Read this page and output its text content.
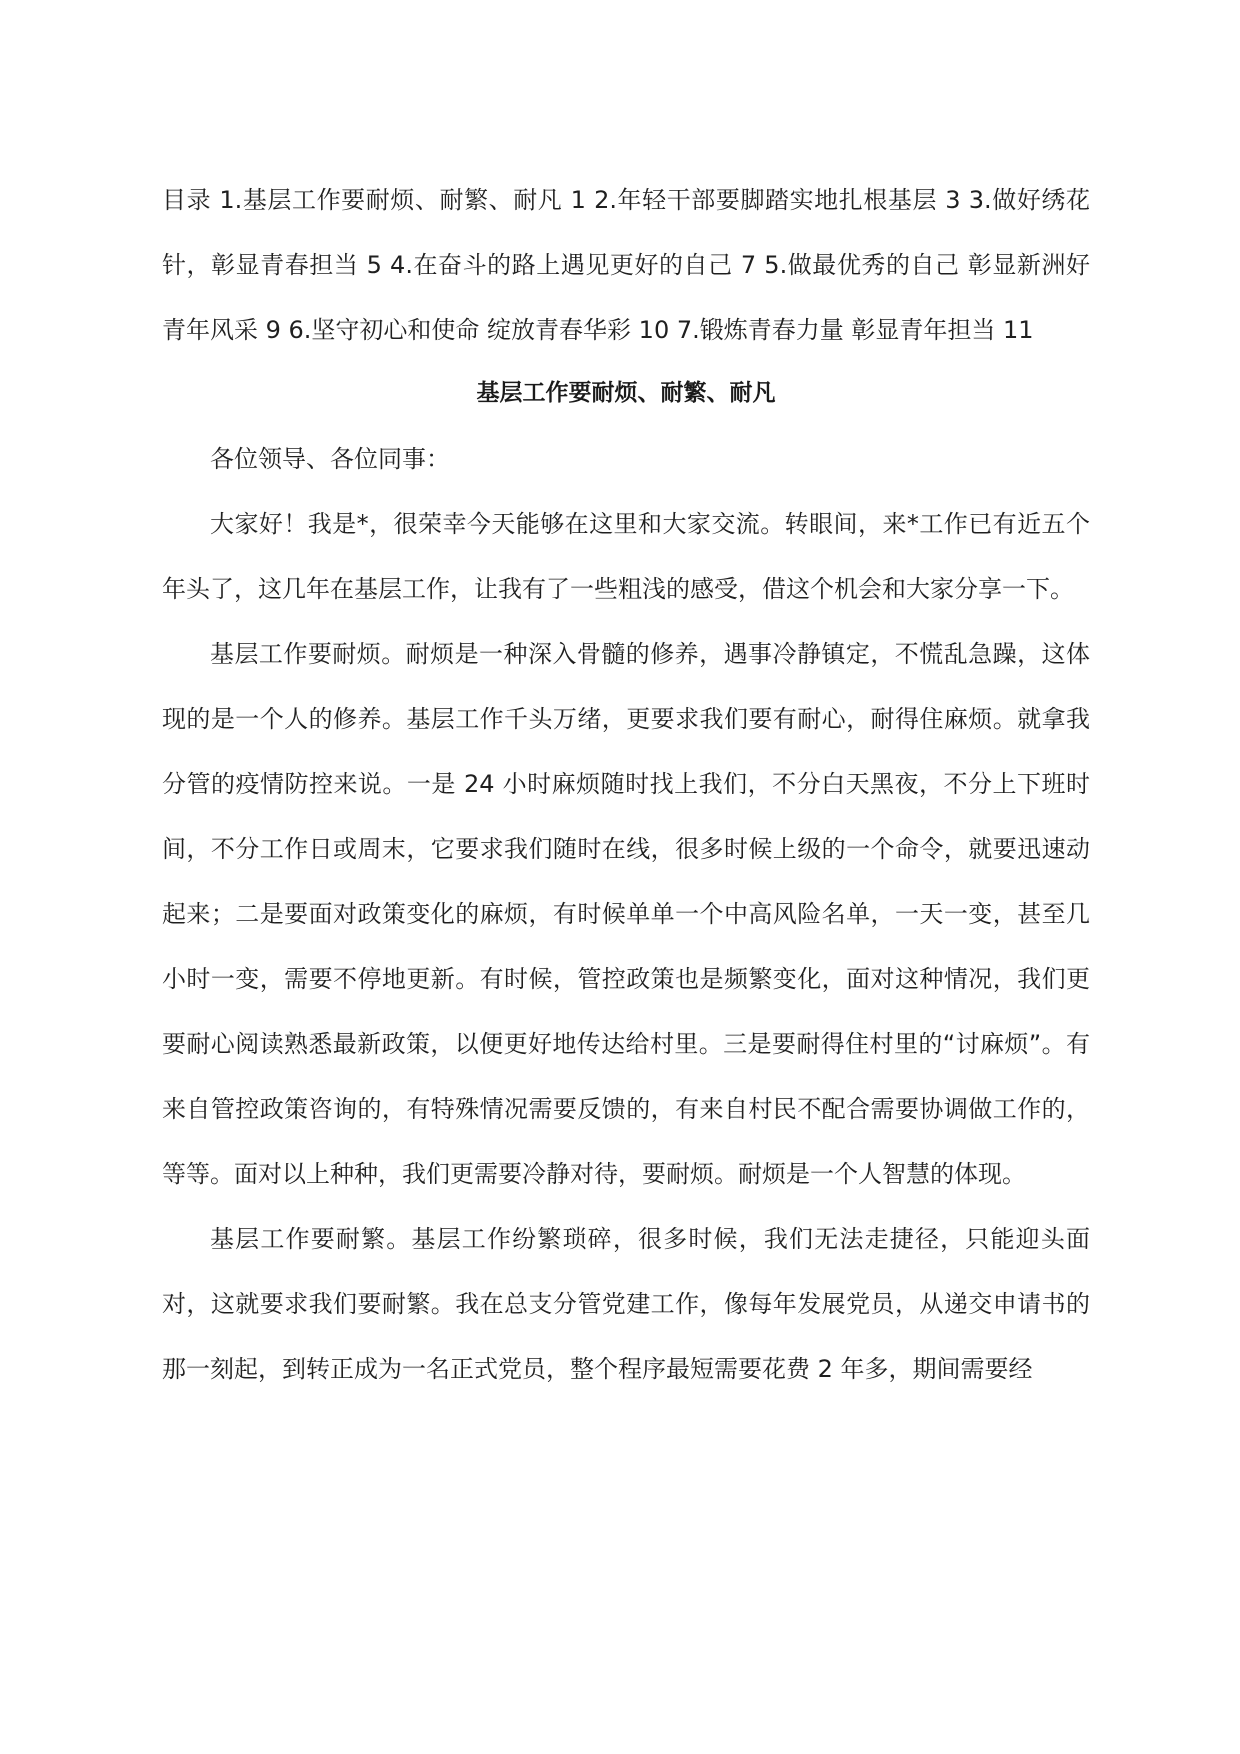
目录 1.基层工作要耐烦、耐繁、耐凡 1 2.年轻干部要脚踏实地扎根基层 3 3.做好绣花针，彰显青春担当 5 4.在奋斗的路上遇见更好的自己 7 5.做最优秀的自己 彰显新洲好青年风采 9 6.坚守初心和使命 绽放青春华彩 10 7.锻炼青春力量 彰显青年担当 11

基层工作要耐烦、耐繁、耐凡

各位领导、各位同事：

大家好！我是*，很荣幸今天能够在这里和大家交流。转眼间，来*工作已有近五个年头了，这几年在基层工作，让我有了一些粗浅的感受，借这个机会和大家分享一下。

基层工作要耐烦。耐烦是一种深入骨髓的修养，遇事冷静镇定，不慌乱急躁，这体现的是一个人的修养。基层工作千头万绪，更要求我们要有耐心，耐得住麻烦。就拿我分管的疫情防控来说。一是 24 小时麻烦随时找上我们，不分白天黑夜，不分上下班时间，不分工作日或周末，它要求我们随时在线，很多时候上级的一个命令，就要迅速动起来；二是要面对政策变化的麻烦，有时候单单一个中高风险名单，一天一变，甚至几小时一变，需要不停地更新。有时候，管控政策也是频繁变化，面对这种情况，我们更要耐心阅读熟悉最新政策，以便更好地传达给村里。三是要耐得住村里的“讨麻烦”。有来自管控政策咨询的，有特殊情况需要反馈的，有来自村民不配合需要协调做工作的，等等。面对以上种种，我们更需要冷静对待，要耐烦。耐烦是一个人智慧的体现。

基层工作要耐繁。基层工作纷繁琐碎，很多时候，我们无法走捷径，只能迎头面对，这就要求我们要耐繁。我在总支分管党建工作，像每年发展党员，从递交申请书的那一刻起，到转正成为一名正式党员，整个程序最短需要花费 2 年多，期间需要经
